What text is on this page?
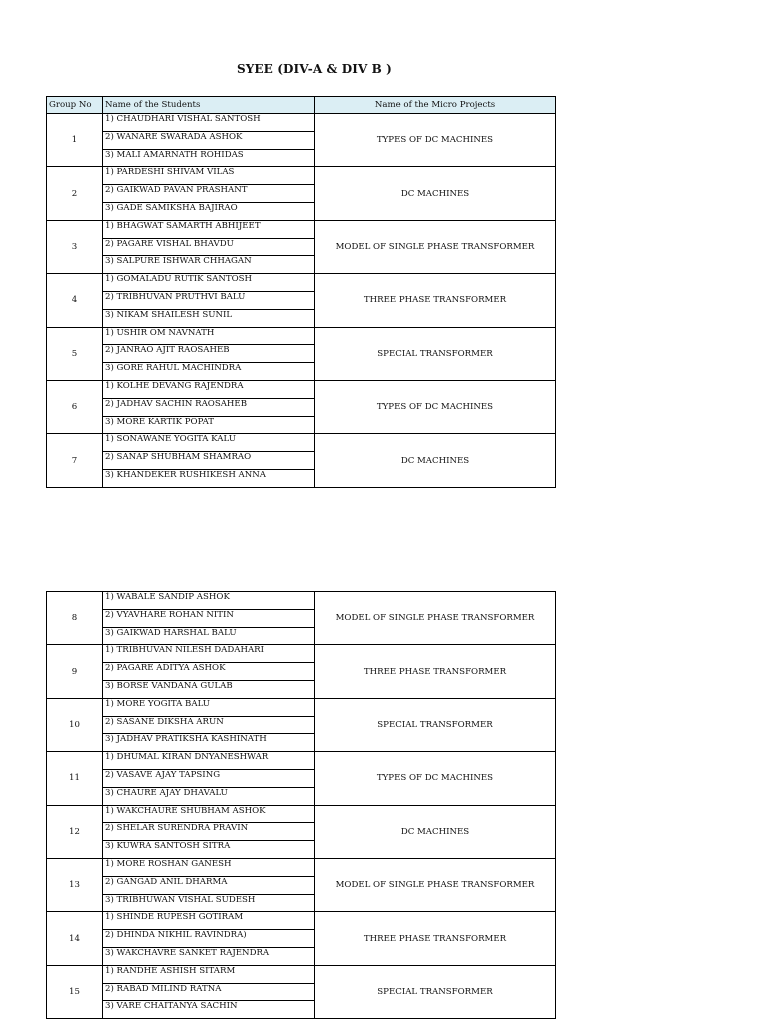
SYEE (DIV-A & DIV B )
Group No	Name of the Students	Name of the Micro Projects
1	1) CHAUDHARI VISHAL SANTOSH	TYPES OF DC MACHINES
	2) WANARE SWARADA ASHOK	
	3) MALI AMARNATH ROHIDAS	
2	1) PARDESHI SHIVAM VILAS	DC MACHINES
	2) GAIKWAD PAVAN PRASHANT	
	3) GADE SAMIKSHA BAJIRAO	
3	1) BHAGWAT SAMARTH ABHIJEET	MODEL OF SINGLE PHASE TRANSFORMER
	2) PAGARE VISHAL BHAVDU	
	3) SALPURE ISHWAR CHHAGAN	
4	1) GOMALADU RUTIK SANTOSH	THREE PHASE TRANSFORMER
	2) TRIBHUVAN PRUTHVI BALU	
	3) NIKAM SHAILESH SUNIL	
5	1) USHIR OM NAVNATH	SPECIAL TRANSFORMER
	2) JANRAO AJIT RAOSAHEB	
	3) GORE RAHUL MACHINDRA	
6	1) KOLHE DEVANG RAJENDRA	TYPES OF DC MACHINES
	2) JADHAV SACHIN RAOSAHEB	
	3) MORE KARTIK POPAT	
7	1) SONAWANE YOGITA KALU	DC MACHINES
	2) SANAP SHUBHAM SHAMRAO	
	3) KHANDEKER RUSHIKESH ANNA	
8	1) WABALE SANDIP ASHOK	MODEL OF SINGLE PHASE TRANSFORMER
	2) VYAVHARE ROHAN NITIN	
	3) GAIKWAD HARSHAL BALU	
9	1) TRIBHUVAN NILESH DADAHARI	THREE PHASE TRANSFORMER
	2) PAGARE ADITYA ASHOK	
	3) BORSE VANDANA GULAB	
10	1) MORE YOGITA BALU	SPECIAL TRANSFORMER
	2) SASANE DIKSHA ARUN	
	3) JADHAV PRATIKSHA KASHINATH	
11	1) DHUMAL KIRAN DNYANESHWAR	TYPES OF DC MACHINES
	2) VASAVE AJAY TAPSING	
	3) CHAURE AJAY DHAVALU	
12	1) WAKCHAURE SHUBHAM ASHOK	DC MACHINES
	2) SHELAR SURENDRA PRAVIN	
	3) KUWRA SANTOSH SITRA	
13	1) MORE ROSHAN GANESH	MODEL OF SINGLE PHASE TRANSFORMER
	2) GANGAD ANIL DHARMA	
	3) TRIBHUWAN VISHAL SUDESH	
14	1) SHINDE RUPESH GOTIRAM	THREE PHASE TRANSFORMER
	2) DHINDA NIKHIL RAVINDRA)	
	3) WAKCHAVRE SANKET RAJENDRA	
15	1) RANDHE ASHISH SITARM	SPECIAL TRANSFORMER
	2) RABAD MILIND RATNA	
	3) VARE CHAITANYA SACHIN	
